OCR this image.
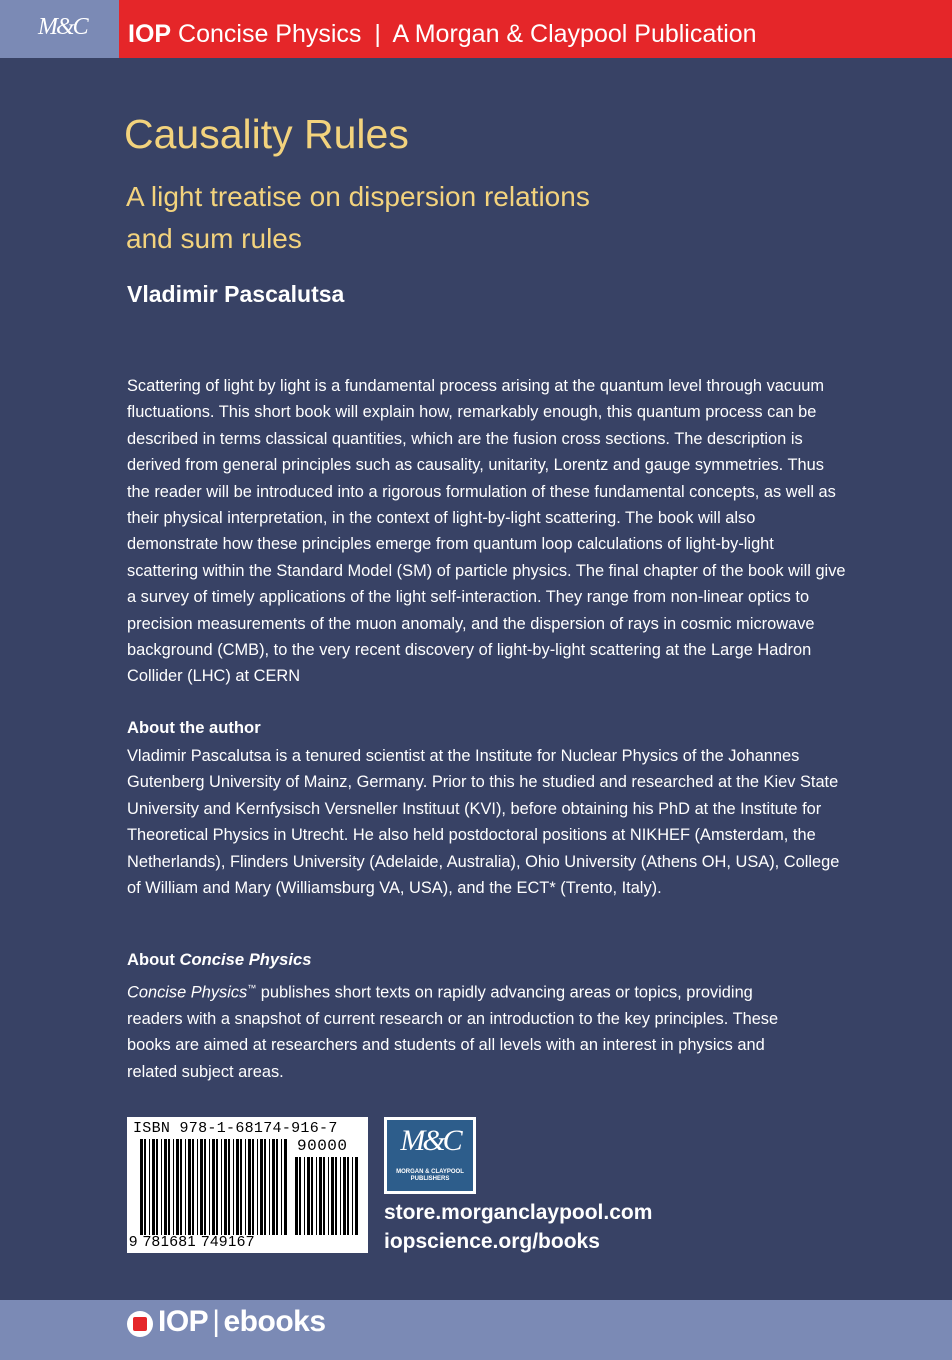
M&C IOP Concise Physics | A Morgan & Claypool Publication
Causality Rules
A light treatise on dispersion relations and sum rules
Vladimir Pascalutsa
Scattering of light by light is a fundamental process arising at the quantum level through vacuum fluctuations. This short book will explain how, remarkably enough, this quantum process can be described in terms classical quantities, which are the fusion cross sections. The description is derived from general principles such as causality, unitarity, Lorentz and gauge symmetries. Thus the reader will be introduced into a rigorous formulation of these fundamental concepts, as well as their physical interpretation, in the context of light-by-light scattering. The book will also demonstrate how these principles emerge from quantum loop calculations of light-by-light scattering within the Standard Model (SM) of particle physics. The final chapter of the book will give a survey of timely applications of the light self-interaction. They range from non-linear optics to precision measurements of the muon anomaly, and the dispersion of rays in cosmic microwave background (CMB), to the very recent discovery of light-by-light scattering at the Large Hadron Collider (LHC) at CERN
About the author
Vladimir Pascalutsa is a tenured scientist at the Institute for Nuclear Physics of the Johannes Gutenberg University of Mainz, Germany. Prior to this he studied and researched at the Kiev State University and Kernfysisch Versneller Instituut (KVI), before obtaining his PhD at the Institute for Theoretical Physics in Utrecht. He also held postdoctoral positions at NIKHEF (Amsterdam, the Netherlands), Flinders University (Adelaide, Australia), Ohio University (Athens OH, USA), College of William and Mary (Williamsburg VA, USA), and the ECT* (Trento, Italy).
About Concise Physics
Concise Physics™ publishes short texts on rapidly advancing areas or topics, providing readers with a snapshot of current research or an introduction to the key principles. These books are aimed at researchers and students of all levels with an interest in physics and related subject areas.
ISBN 978-1-68174-916-7
90000
9 781681 749167
M&C
MORGAN & CLAYPOOL
PUBLISHERS
store.morganclaypool.com
iopscience.org/books
IOP | ebooks
